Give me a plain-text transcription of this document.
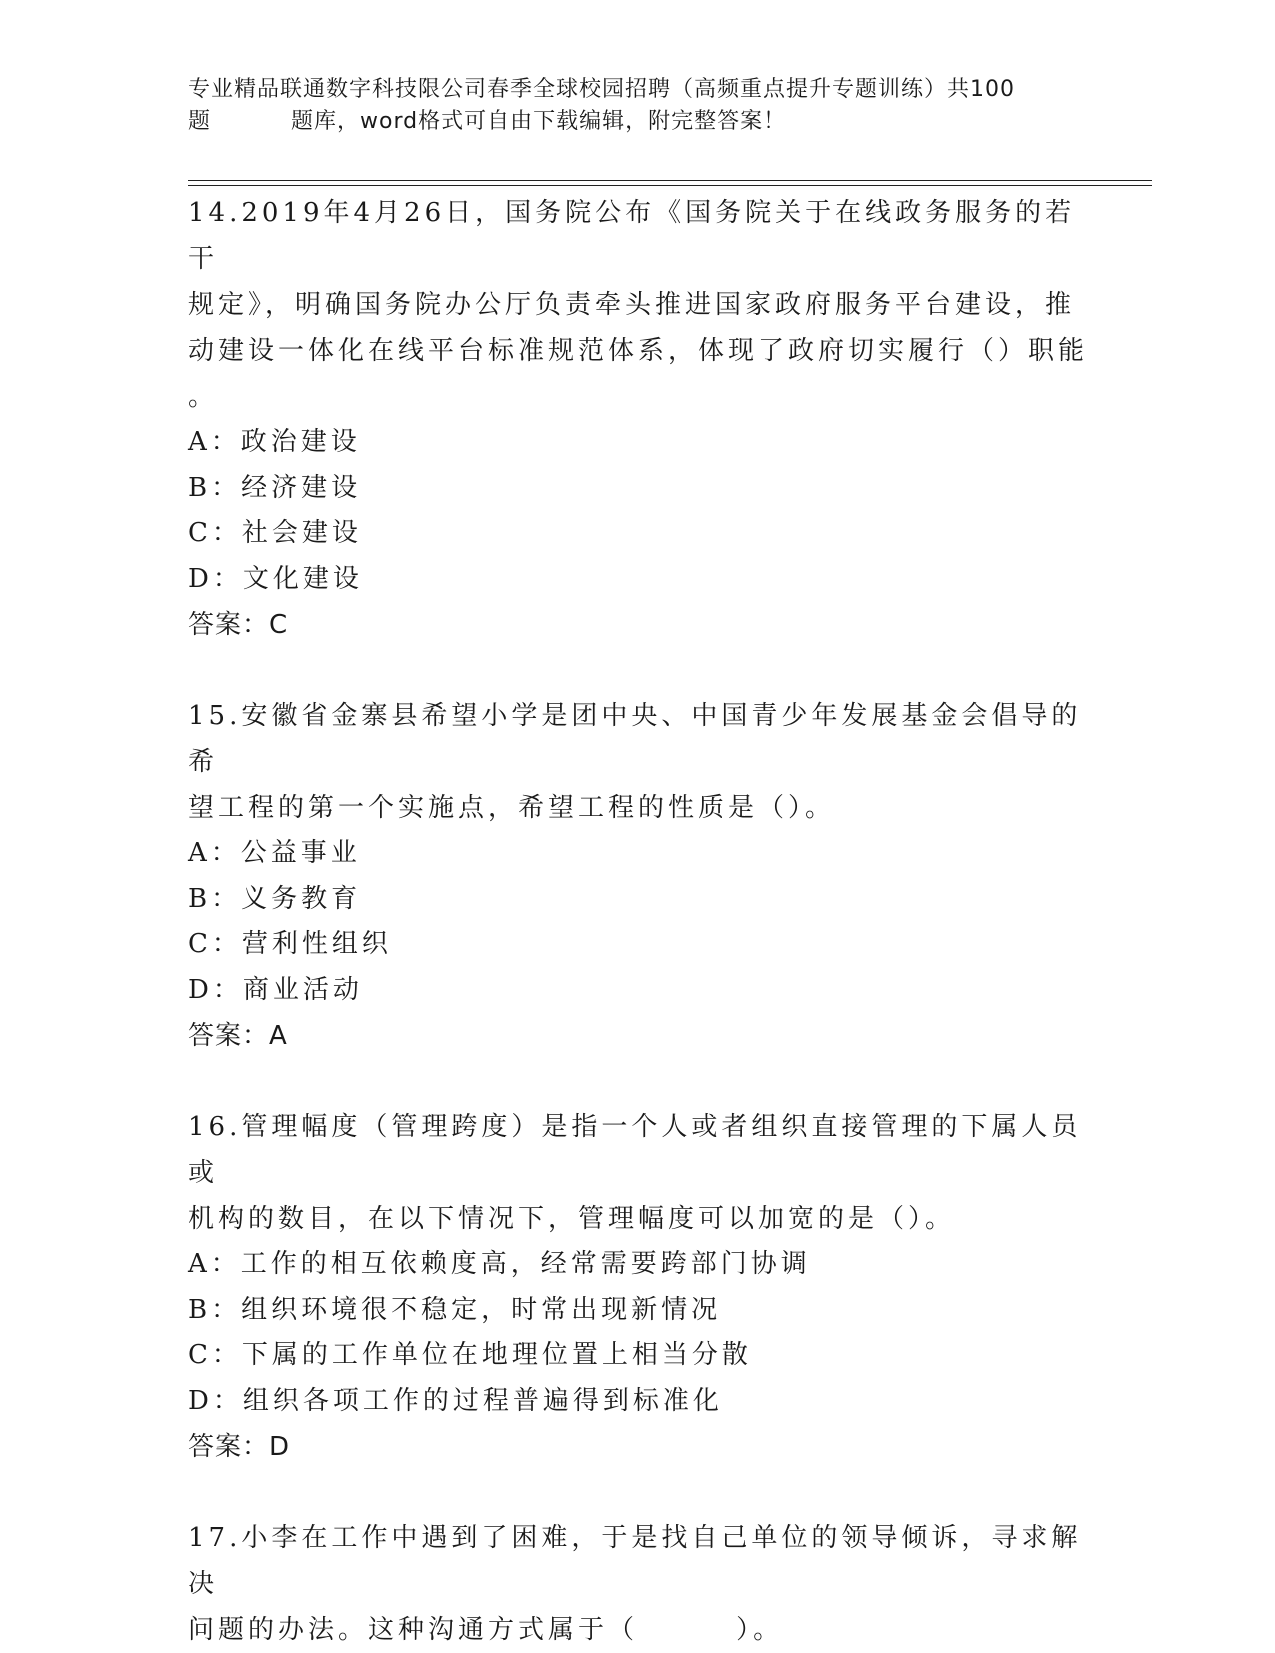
专业精品联通数字科技限公司春季全球校园招聘（高频重点提升专题训练）共100
题	题库，word格式可自由下载编辑，附完整答案！

14.2019年4月26日，国务院公布《国务院关于在线政务服务的若干

规定》，明确国务院办公厅负责牵头推进国家政府服务平台建设，推

动建设一体化在线平台标准规范体系，体现了政府切实履行（）职能

。

A：政治建设

B：经济建设

C：社会建设

D：文化建设

答案：C

15.安徽省金寨县希望小学是团中央、中国青少年发展基金会倡导的希

望工程的第一个实施点，希望工程的性质是（）。

A：公益事业

B：义务教育

C：营利性组织

D：商业活动

答案：A

16.管理幅度（管理跨度）是指一个人或者组织直接管理的下属人员或

机构的数目，在以下情况下，管理幅度可以加宽的是（）。

A：工作的相互依赖度高，经常需要跨部门协调

B：组织环境很不稳定，时常出现新情况

C：下属的工作单位在地理位置上相当分散

D：组织各项工作的过程普遍得到标准化

答案：D

17.小李在工作中遇到了困难，于是找自己单位的领导倾诉，寻求解决

问题的办法。这种沟通方式属于（        ）。
